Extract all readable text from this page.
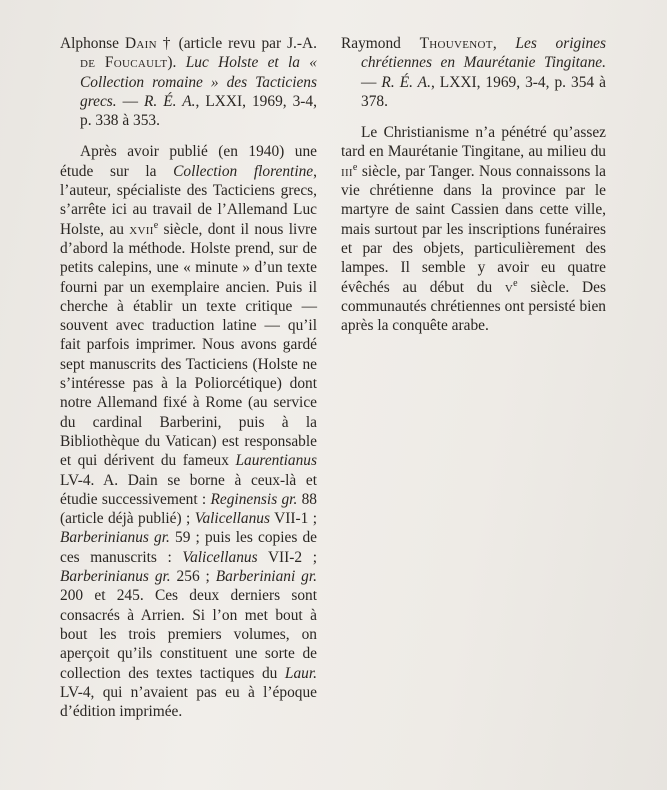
Alphonse Dain † (article revu par J.-A. de Foucault). Luc Holste et la « Collection romaine » des Tacticiens grecs. — R. É. A., LXXI, 1969, 3-4, p. 338 à 353.

Après avoir publié (en 1940) une étude sur la Collection florentine, l’auteur, spécialiste des Tacticiens grecs, s’arrête ici au travail de l’Allemand Luc Holste, au xvii$^e$ siècle, dont il nous livre d’abord la méthode. Holste prend, sur de petits calepins, une « minute » d’un texte fourni par un exemplaire ancien. Puis il cherche à établir un texte critique — souvent avec traduction latine — qu’il fait parfois imprimer. Nous avons gardé sept manuscrits des Tacticiens (Holste ne s’intéresse pas à la Poliorcétique) dont notre Allemand fixé à Rome (au service du cardinal Barberini, puis à la Bibliothèque du Vatican) est responsable et qui dérivent du fameux Laurentianus LV-4. A. Dain se borne à ceux-là et étudie successivement : Reginensis gr. 88 (article déjà publié) ; Valicellanus VII-1 ; Barberinianus gr. 59 ; puis les copies de ces manuscrits : Valicellanus VII-2 ; Barberinianus gr. 256 ; Barberiniani gr. 200 et 245. Ces deux derniers sont consacrés à Arrien. Si l’on met bout à bout les trois premiers volumes, on aperçoit qu’ils constituent une sorte de collection des textes tactiques du Laur. LV-4, qui n’avaient pas eu à l’époque d’édition imprimée.

Raymond Thouvenot, Les origines chrétiennes en Maurétanie Tingitane. — R. É. A., LXXI, 1969, 3-4, p. 354 à 378.

Le Christianisme n’a pénétré qu’assez tard en Maurétanie Tingitane, au milieu du iii$^e$ siècle, par Tanger. Nous connaissons la vie chrétienne dans la province par le martyre de saint Cassien dans cette ville, mais surtout par les inscriptions funéraires et par des objets, particulièrement des lampes. Il semble y avoir eu quatre évêchés au début du $v^e$ siècle. Des communautés chrétiennes ont persisté bien après la conquête arabe.
